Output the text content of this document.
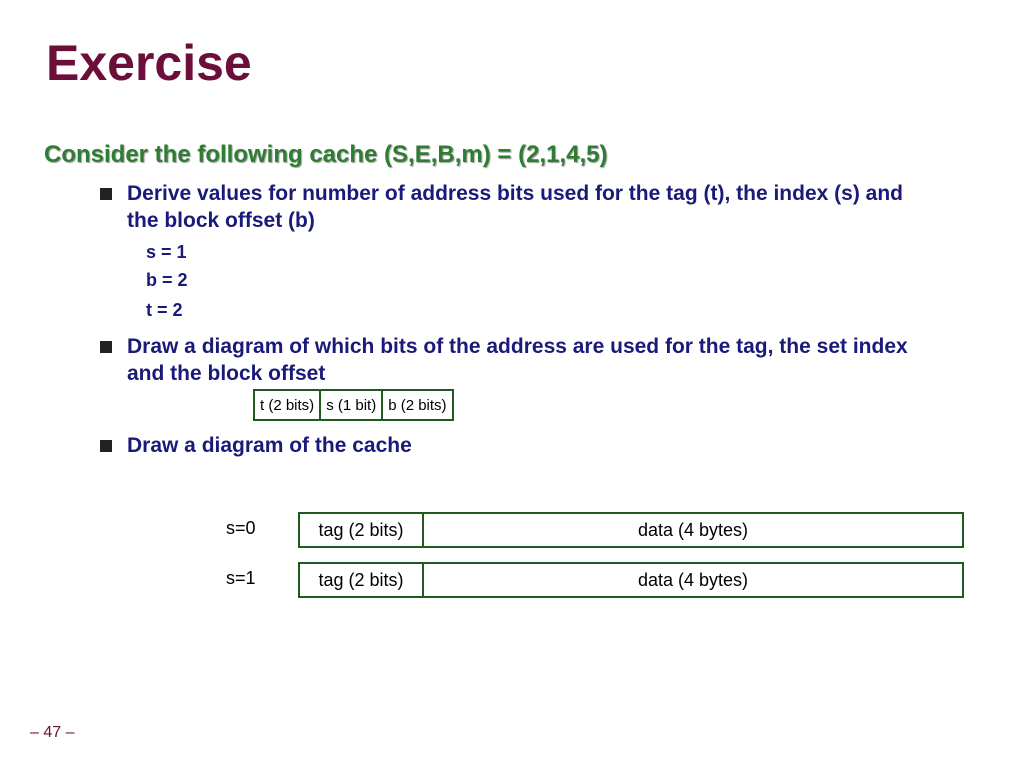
Exercise
Consider the following cache (S,E,B,m) = (2,1,4,5)
Derive values for number of address bits used for the tag (t), the index (s) and the block offset (b)
s = 1
b = 2
t = 2
Draw a diagram of which bits of the address are used for the tag, the set index and the block offset
t (2 bits) s (1 bit) b (2 bits)
Draw a diagram of the cache
s=0	tag (2 bits)	data (4 bytes)
s=1	tag (2 bits)	data (4 bytes)
– 47 –
